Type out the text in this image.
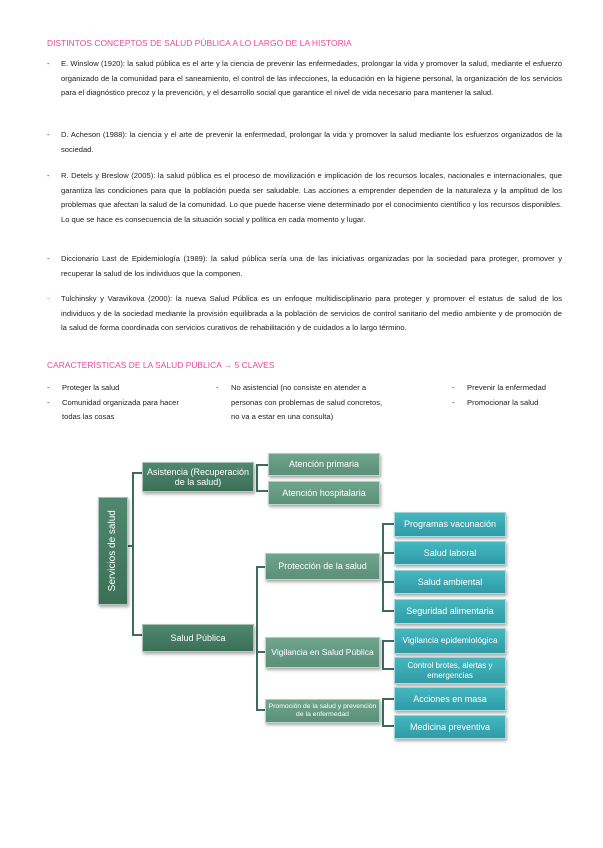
DISTINTOS CONCEPTOS DE SALUD PÚBLICA A LO LARGO DE LA HISTORIA
- E. Winslow (1920): la salud pública es el arte y la ciencia de prevenir las enfermedades, prolongar la vida y promover la salud, mediante el esfuerzo organizado de la comunidad para el saneamiento, el control de las infecciones, la educación en la higiene personal, la organización de los servicios para el diagnóstico precoz y la prevención, y el desarrollo social que garantice el nivel de vida necesario para mantener la salud.
- D. Acheson (1988): la ciencia y el arte de prevenir la enfermedad, prolongar la vida y promover la salud mediante los esfuerzos organizados de la sociedad.
- R. Detels y Breslow (2005): la salud pública es el proceso de movilización e implicación de los recursos locales, nacionales e internacionales, que garantiza las condiciones para que la población pueda ser saludable. Las acciones a emprender dependen de la naturaleza y la amplitud de los problemas que afectan la salud de la comunidad. Lo que puede hacerse viene determinado por el conocimiento científico y los recursos disponibles. Lo que se hace es consecuencia de la situación social y política en cada momento y lugar.
- Diccionario Last de Epidemiología (1989): la salud pública sería una de las iniciativas organizadas por la sociedad para proteger, promover y recuperar la salud de los individuos que la componen.
- Tulchinsky y Varavikova (2000): la nueva Salud Pública es un enfoque multidisciplinario para proteger y promover el estatus de salud de los individuos y de la sociedad mediante la provisión equilibrada a la población de servicios de control sanitario del medio ambiente y de promoción de la salud de forma coordinada con servicios curativos de rehabilitación y de cuidados a lo largo término.
CARACTERÍSTICAS DE LA SALUD PÚBLICA → 5 CLAVES
- Proteger la salud
- Comunidad organizada para hacer todas las cosas
- No asistencial (no consiste en atender a personas con problemas de salud concretos, no va a estar en una consulta)
- Prevenir la enfermedad
- Promocionar la salud
Servicios de salud
Asistencia (Recuperación de la salud)
Atención primaria
Atención hospitalaria
Salud Pública
Protección de la salud
Vigilancia en Salud Pública
Promoción de la salud y prevención de la enfermedad
Programas vacunación
Salud laboral
Salud ambiental
Seguridad alimentaria
Vigilancia epidemiológica
Control brotes, alertas y emergencias
Acciones en masa
Medicina preventiva
